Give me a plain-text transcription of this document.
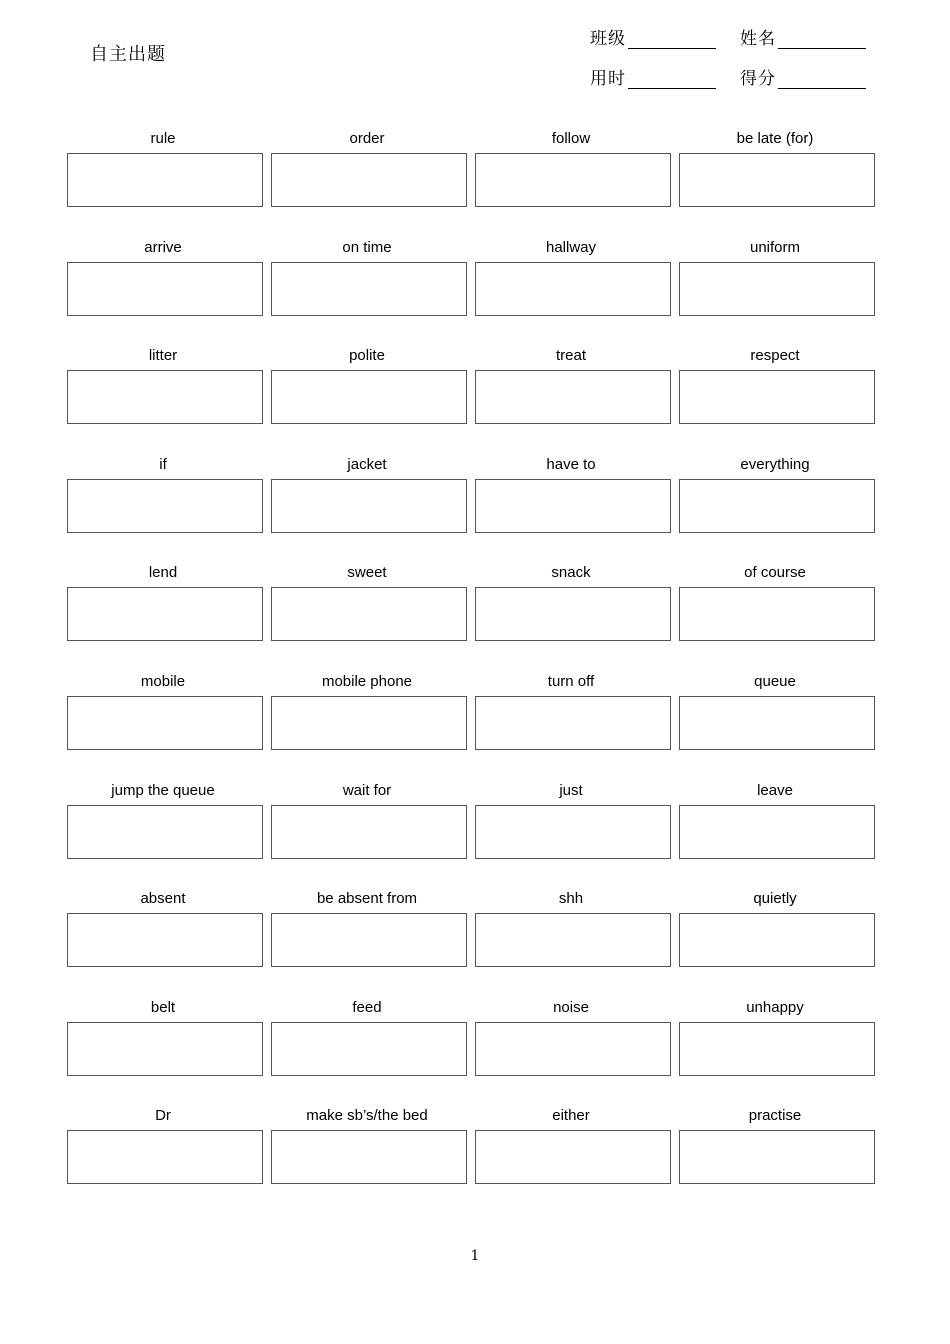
自主出题
班级	姓名
用时	得分
rule	order	follow	be late (for)
arrive	on time	hallway	uniform
litter	polite	treat	respect
if	jacket	have to	everything
lend	sweet	snack	of course
mobile	mobile phone	turn off	queue
jump the queue	wait for	just	leave
absent	be absent from	shh	quietly
belt	feed	noise	unhappy
Dr	make sb’s/the bed	either	practise
1
